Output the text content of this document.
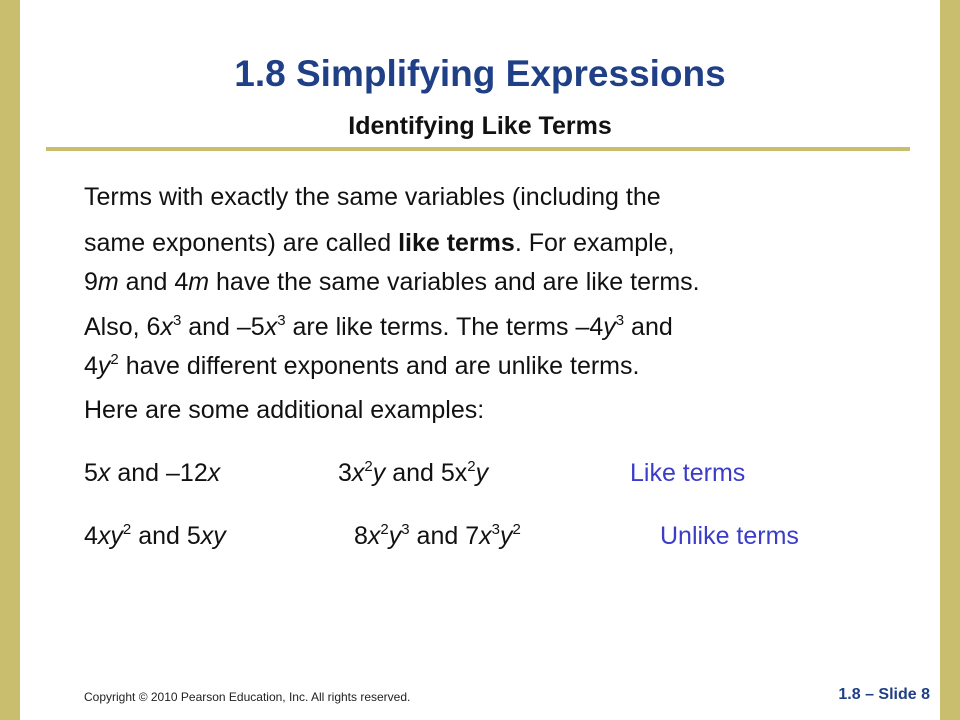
1.8 Simplifying Expressions
Identifying Like Terms
Terms with exactly the same variables (including the
same exponents) are called like terms. For example,
9m and 4m have the same variables and are like terms.
Also, $6x^3$ and $-5x^3$ are like terms. The terms $-4y^3$ and
$4y^2$ have different exponents and are unlike terms.
Here are some additional examples:
5x and –12x	$3x^2y$ and $5x^2y$	Like terms
$4xy^2$ and 5xy	$8x^2y^3$ and $7x^3y^2$	Unlike terms
Copyright © 2010 Pearson Education, Inc. All rights reserved.	1.8 – Slide 8
